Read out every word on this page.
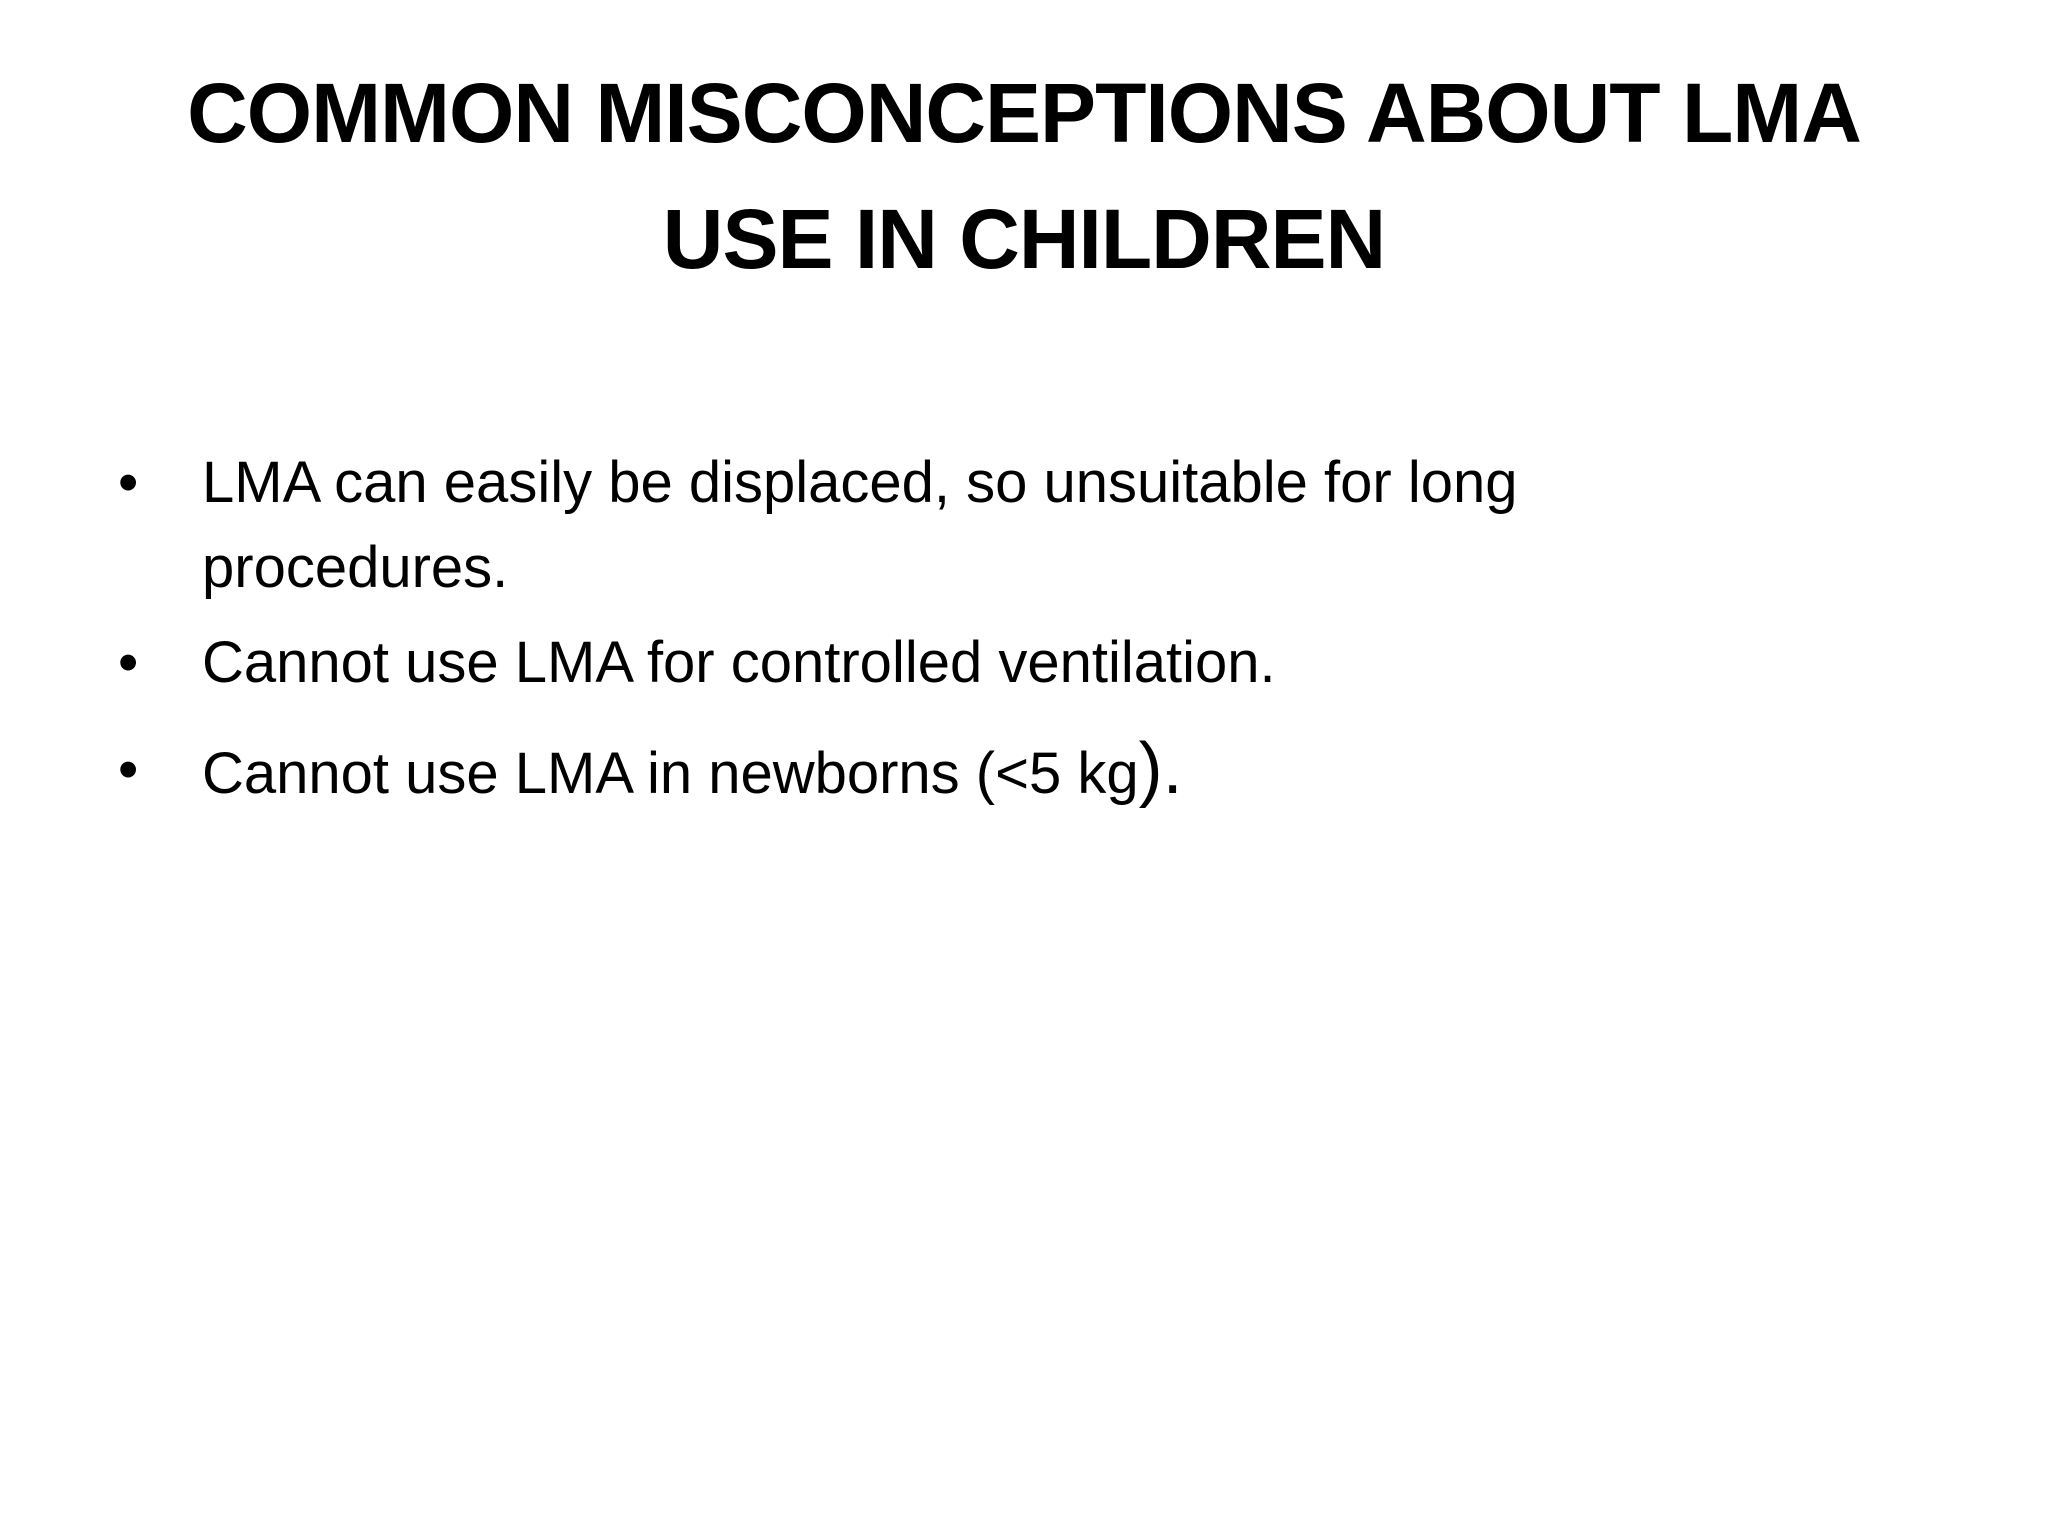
COMMON MISCONCEPTIONS ABOUT LMA USE IN CHILDREN
•	LMA can easily be displaced, so unsuitable for long procedures.
•	Cannot use LMA for controlled ventilation.
•	Cannot use LMA in newborns (<5 kg).
